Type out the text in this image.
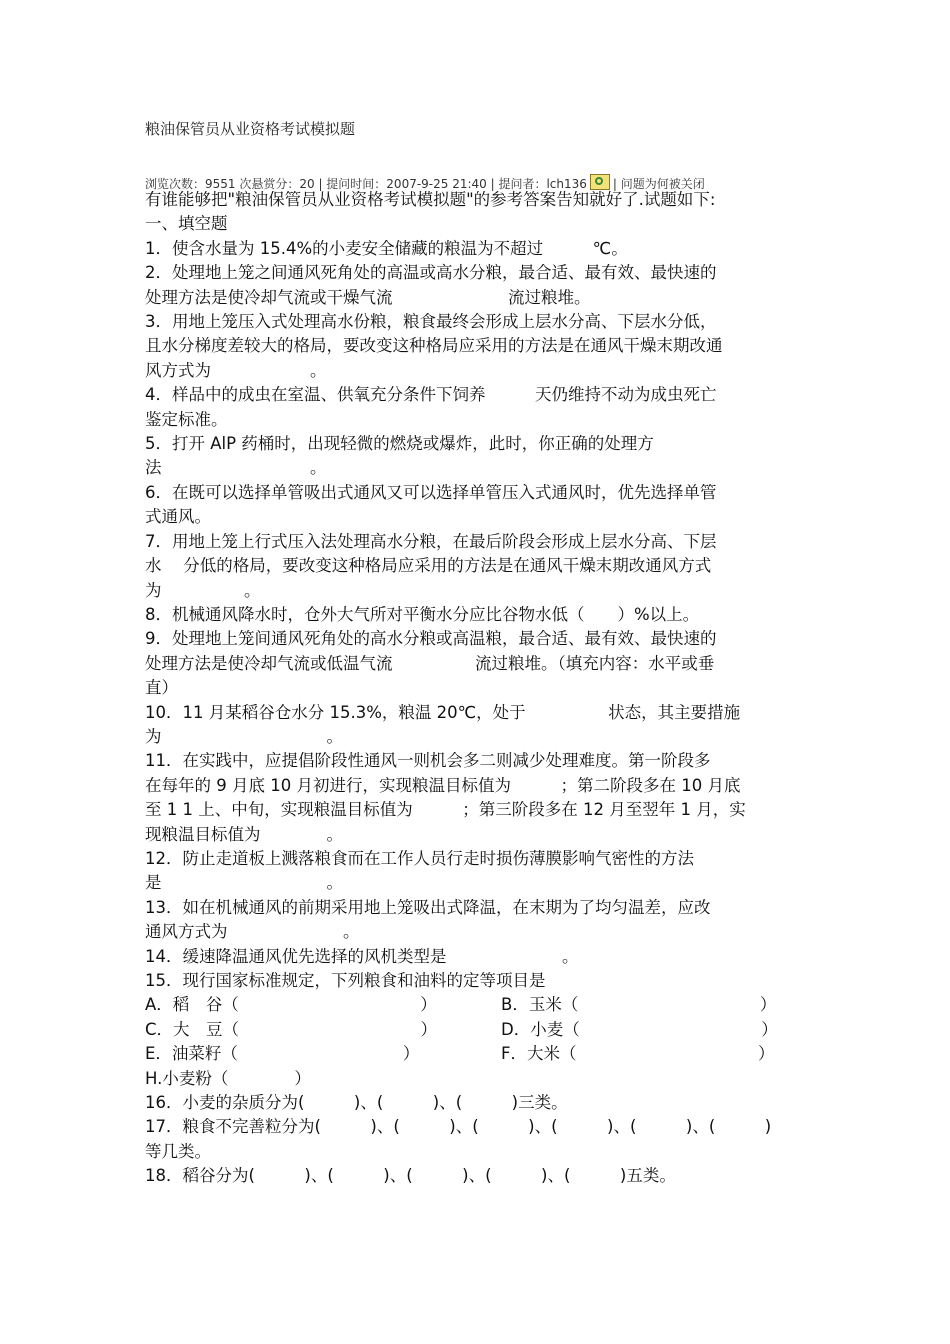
粮油保管员从业资格考试模拟题
浏览次数：9551 次悬赏分：20 | 提问时间：2007-9-25 21:40 | 提问者：lch136 | 问题为何被关闭

有谁能够把"粮油保管员从业资格考试模拟题"的参考答案告知就好了.试题如下:

一、填空题

1．使含水量为 15.4%的小麦安全储藏的粮温为不超过　　　℃。

2．处理地上笼之间通风死角处的高温或高水分粮，最合适、最有效、最快速的

处理方法是使冷却气流或干燥气流　　　　　　　流过粮堆。

3．用地上笼压入式处理高水份粮，粮食最终会形成上层水分高、下层水分低，

且水分梯度差较大的格局，要改变这种格局应采用的方法是在通风干燥末期改通

风方式为　　　　　　。

4．样品中的成虫在室温、供氧充分条件下饲养　　　天仍维持不动为成虫死亡

鉴定标准。

5．打开 AlP 药桶时，出现轻微的燃烧或爆炸，此时，你正确的处理方

法　　　　　　　　　。

6．在既可以选择单管吸出式通风又可以选择单管压入式通风时，优先选择单管

式通风。

7．用地上笼上行式压入法处理高水分粮，在最后阶段会形成上层水分高、下层

水　 分低的格局，要改变这种格局应采用的方法是在通风干燥末期改通风方式

为　　　　　。

8．机械通风降水时，仓外大气所对平衡水分应比谷物水低（　　）%以上。

9．处理地上笼间通风死角处的高水分粮或高温粮，最合适、最有效、最快速的

处理方法是使冷却气流或低温气流　　　　　流过粮堆。（填充内容：水平或垂

直）

10．11 月某稻谷仓水分 15.3%，粮温 20℃，处于　　　　　状态，其主要措施

为　　　　　　　　　　。

11．在实践中，应提倡阶段性通风一则机会多二则减少处理难度。第一阶段多

在每年的 9 月底 10 月初进行，实现粮温目标值为　　　；第二阶段多在 10 月底

至 1 1 上、中旬，实现粮温目标值为　　　；第三阶段多在 12 月至翌年 1 月，实

现粮温目标值为　　　　。

12．防止走道板上溅落粮食而在工作人员行走时损伤薄膜影响气密性的方法

是　　　　　　　　　　。

13．如在机械通风的前期采用地上笼吸出式降温，在末期为了均匀温差，应改

通风方式为　　　　　　　。

14．缓速降温通风优先选择的风机类型是　　　　　　　。

15．现行国家标准规定，下列粮食和油料的定等项目是

A．稻　谷（　　　　　　　　　　　）	B．玉米（　　　　　　　　　　　）
C．大　豆（　　　　　　　　　　　）	D．小麦（　　　　　　　　　　　）
E．油菜籽（　　　　　　　　　　）	F．大米（　　　　　　　　　　　）

H.小麦粉（　　　　）

16．小麦的杂质分为(　　　)、(　　　)、(　　　)三类。

17．粮食不完善粒分为(　　　)、(　　　)、(　　　)、(　　　)、(　　　)、(　　　)

等几类。

18．稻谷分为(　　　)、(　　　)、(　　　)、(　　　)、(　　　)五类。
